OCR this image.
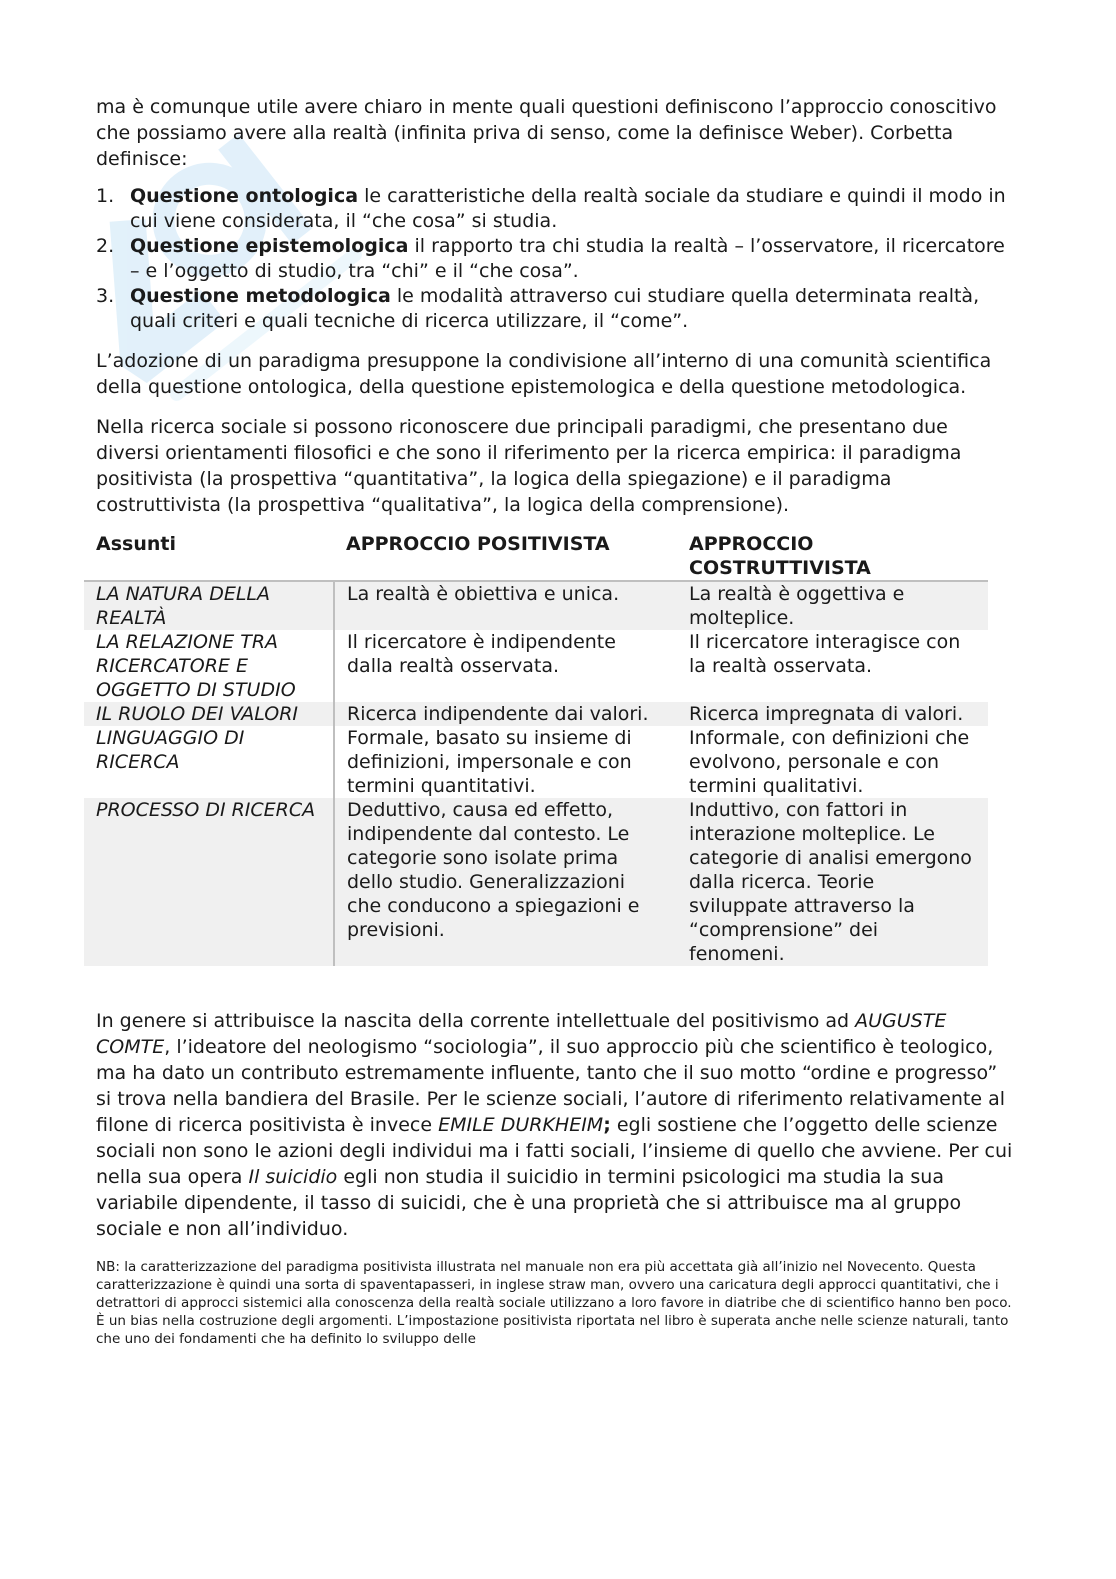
ma è comunque utile avere chiaro in mente quali questioni definiscono l’approccio conoscitivo che possiamo avere alla realtà (infinita priva di senso, come la definisce Weber). Corbetta definisce:

1. Questione ontologica le caratteristiche della realtà sociale da studiare e quindi il modo in cui viene considerata, il “che cosa” si studia.
2. Questione epistemologica il rapporto tra chi studia la realtà – l’osservatore, il ricercatore – e l’oggetto di studio, tra “chi” e il “che cosa”.
3. Questione metodologica le modalità attraverso cui studiare quella determinata realtà, quali criteri e quali tecniche di ricerca utilizzare, il “come”.

L’adozione di un paradigma presuppone la condivisione all’interno di una comunità scientifica della questione ontologica, della questione epistemologica e della questione metodologica.

Nella ricerca sociale si possono riconoscere due principali paradigmi, che presentano due diversi orientamenti filosofici e che sono il riferimento per la ricerca empirica: il paradigma positivista (la prospettiva “quantitativa”, la logica della spiegazione) e il paradigma costruttivista (la prospettiva “qualitativa”, la logica della comprensione).

Assunti	APPROCCIO POSITIVISTA	APPROCCIO COSTRUTTIVISTA
LA NATURA DELLA REALTÀ	La realtà è obiettiva e unica.	La realtà è oggettiva e molteplice.
LA RELAZIONE TRA RICERCATORE E OGGETTO DI STUDIO	Il ricercatore è indipendente dalla realtà osservata.	Il ricercatore interagisce con la realtà osservata.
IL RUOLO DEI VALORI	Ricerca indipendente dai valori.	Ricerca impregnata di valori.
LINGUAGGIO DI RICERCA	Formale, basato su insieme di definizioni, impersonale e con termini quantitativi.	Informale, con definizioni che evolvono, personale e con termini qualitativi.
PROCESSO DI RICERCA	Deduttivo, causa ed effetto, indipendente dal contesto. Le categorie sono isolate prima dello studio. Generalizzazioni che conducono a spiegazioni e previsioni.	Induttivo, con fattori in interazione molteplice. Le categorie di analisi emergono dalla ricerca. Teorie sviluppate attraverso la “comprensione” dei fenomeni.

In genere si attribuisce la nascita della corrente intellettuale del positivismo ad AUGUSTE COMTE, l’ideatore del neologismo “sociologia”, il suo approccio più che scientifico è teologico, ma ha dato un contributo estremamente influente, tanto che il suo motto “ordine e progresso” si trova nella bandiera del Brasile. Per le scienze sociali, l’autore di riferimento relativamente al filone di ricerca positivista è invece EMILE DURKHEIM; egli sostiene che l’oggetto delle scienze sociali non sono le azioni degli individui ma i fatti sociali, l’insieme di quello che avviene. Per cui nella sua opera Il suicidio egli non studia il suicidio in termini psicologici ma studia la sua variabile dipendente, il tasso di suicidi, che è una proprietà che si attribuisce ma al gruppo sociale e non all’individuo.

NB: la caratterizzazione del paradigma positivista illustrata nel manuale non era più accettata già all’inizio nel Novecento. Questa caratterizzazione è quindi una sorta di spaventapasseri, in inglese straw man, ovvero una caricatura degli approcci quantitativi, che i detrattori di approcci sistemici alla conoscenza della realtà sociale utilizzano a loro favore in diatribe che di scientifico hanno ben poco. È un bias nella costruzione degli argomenti. L’impostazione positivista riportata nel libro è superata anche nelle scienze naturali, tanto che uno dei fondamenti che ha definito lo sviluppo delle
